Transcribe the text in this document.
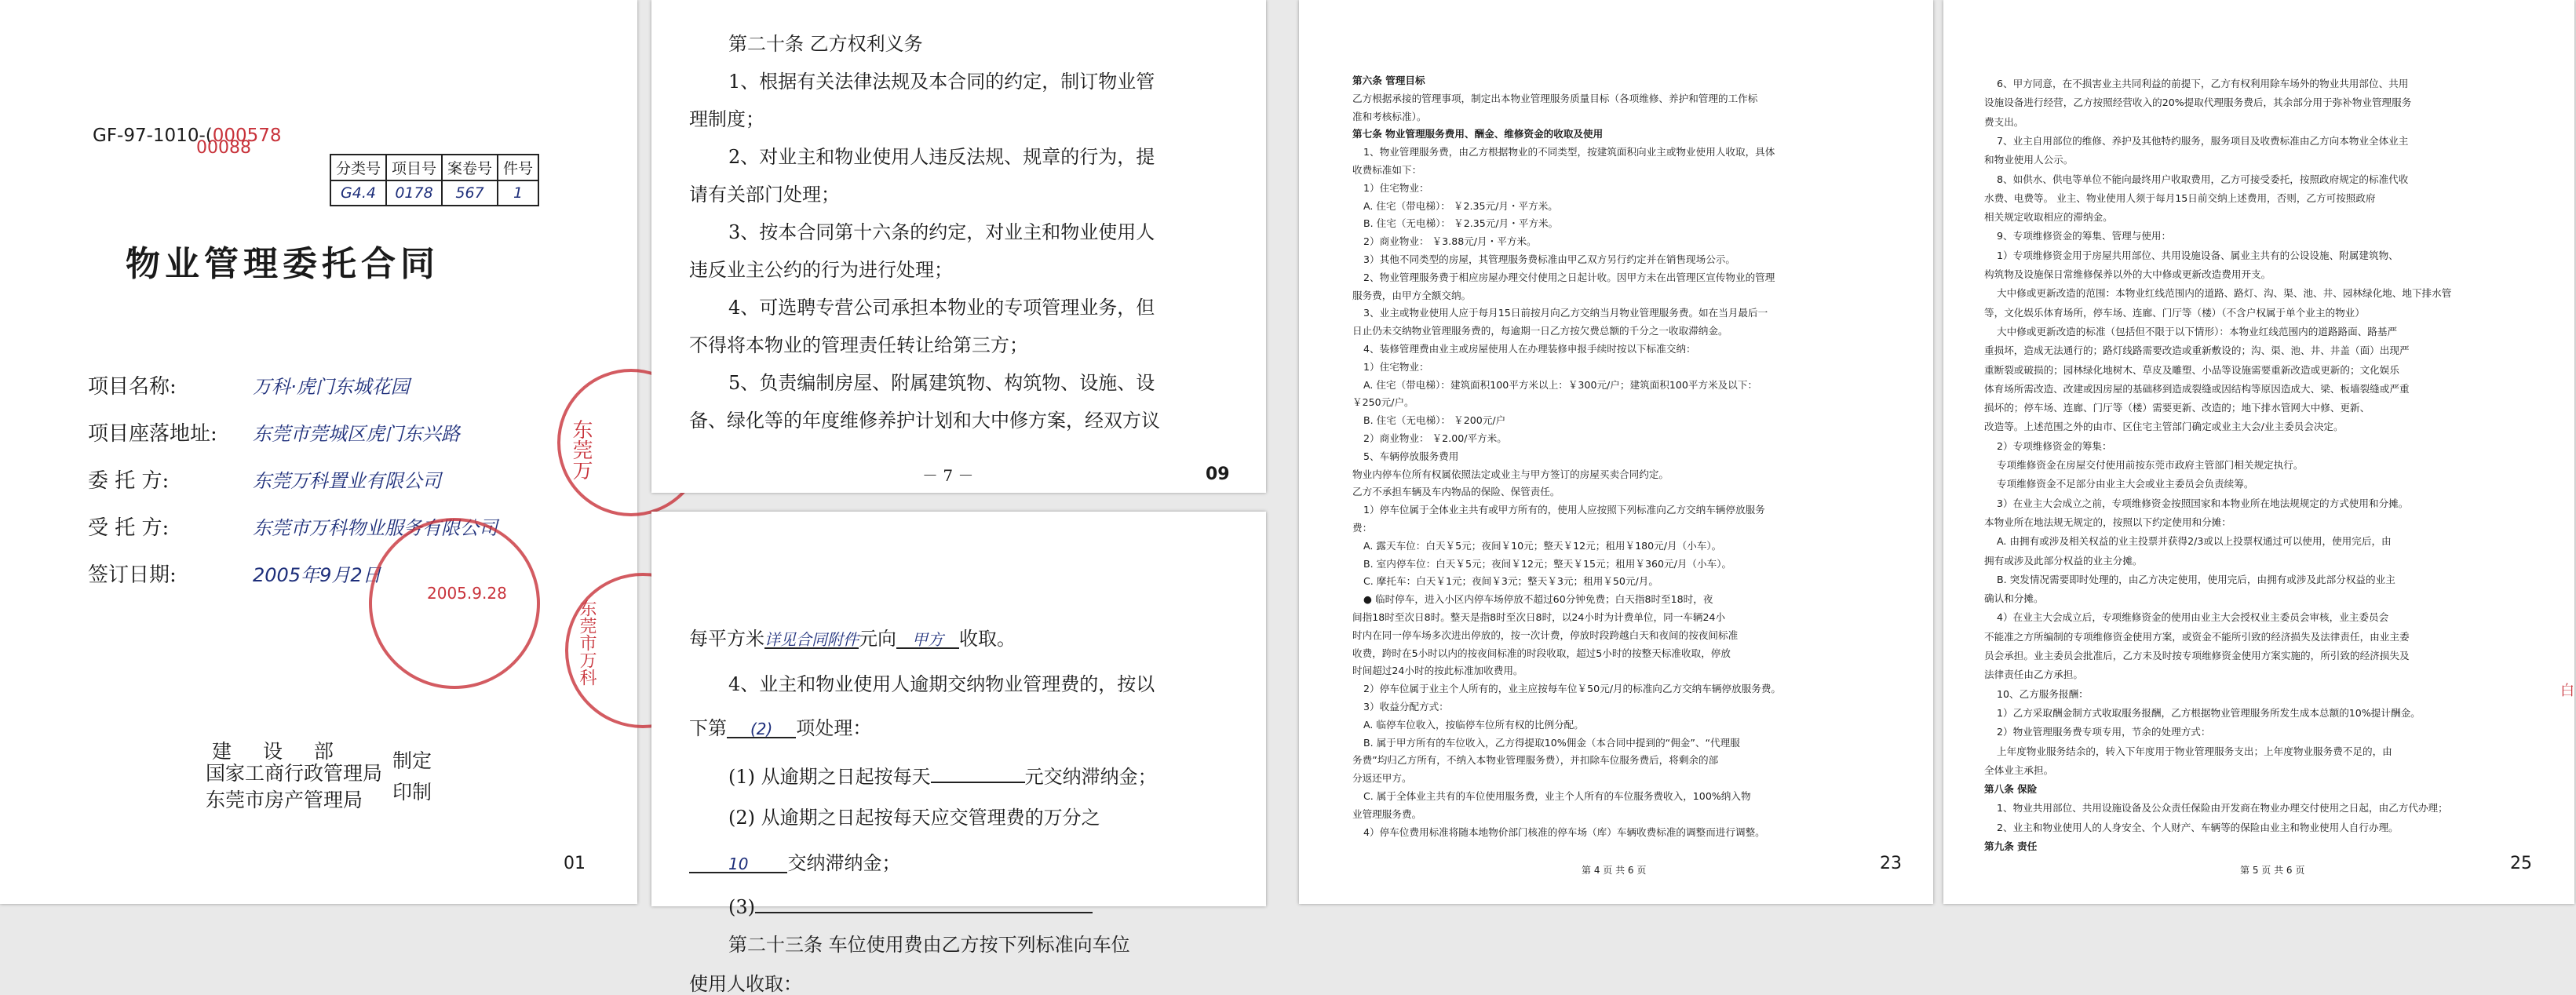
GF-97-1010-(000578
00088
分类号	项目号	案卷号	件号
G4.4	0178	567	1
物业管理委托合同
项目名称:	万科·虎门东城花园
项目座落地址: 东莞市莞城区虎门东兴路
委 托 方:	东莞万科置业有限公司
受 托 方:	东莞市万科物业服务有限公司
签订日期:	2005年9月2日
2005.9.28
东莞万
东莞市万科
建 设 部
国家工商行政管理局
东莞市房产管理局
制定
印制
01
第二十条 乙方权利义务
1、根据有关法律法规及本合同的约定，制订物业管
理制度；
2、对业主和物业使用人违反法规、规章的行为，提
请有关部门处理；
3、按本合同第十六条的约定，对业主和物业使用人
违反业主公约的行为进行处理；
4、可选聘专营公司承担本物业的专项管理业务，但
不得将本物业的管理责任转让给第三方；
5、负责编制房屋、附属建筑物、构筑物、设施、设
备、绿化等的年度维修养护计划和大中修方案，经双方议
－ 7 －	09
每平方米详见合同附件元向 甲方 收取。
4、业主和物业使用人逾期交纳物业管理费的，按以
下第 (2) 项处理：
(1) 从逾期之日起按每天	元交纳滞纳金；
(2) 从逾期之日起按每天应交管理费的万分之
10 交纳滞纳金；
(3)
第二十三条 车位使用费由乙方按下列标准向车位
使用人收取：
第六条 管理目标
乙方根据承接的管理事项，制定出本物业管理服务质量目标（各项维修、养护和管理的工作标
准和考核标准）。
第七条 物业管理服务费用、酬金、维修资金的收取及使用
1、物业管理服务费，由乙方根据物业的不同类型，按建筑面积向业主或物业使用人收取，具体
收费标准如下：
1）住宅物业：
A. 住宅（带电梯）： ￥2.35元/月・平方米。
B. 住宅（无电梯）： ￥2.35元/月・平方米。
2）商业物业： ￥3.88元/月・平方米。
3）其他不同类型的房屋，其管理服务费标准由甲乙双方另行约定并在销售现场公示。
2、物业管理服务费于相应房屋办理交付使用之日起计收。因甲方未在出管理区宣传物业的管理
服务费，由甲方全额交纳。
3、业主或物业使用人应于每月15日前按月向乙方交纳当月物业管理服务费。如在当月最后一
日止仍未交纳物业管理服务费的，每逾期一日乙方按欠费总额的千分之一收取滞纳金。
4、装修管理费由业主或房屋使用人在办理装修申报手续时按以下标准交纳：
1）住宅物业：
A. 住宅（带电梯）：建筑面积100平方米以上：￥300元/户；建筑面积100平方米及以下：
￥250元/户。
B. 住宅（无电梯）： ￥200元/户
2）商业物业： ￥2.00/平方米。
5、车辆停放服务费用
物业内停车位所有权属依照法定或业主与甲方签订的房屋买卖合同约定。
乙方不承担车辆及车内物品的保险、保管责任。
1）停车位属于全体业主共有或甲方所有的，使用人应按照下列标准向乙方交纳车辆停放服务
费：
A. 露天车位：白天￥5元；夜间￥10元；整天￥12元；租用￥180元/月（小车）。
B. 室内停车位：白天￥5元；夜间￥12元；整天￥15元；租用￥360元/月（小车）。
C. 摩托车：白天￥1元；夜间￥3元；整天￥3元；租用￥50元/月。
● 临时停车，进入小区内停车场停放不超过60分钟免费；白天指8时至18时，夜
间指18时至次日8时。整天是指8时至次日8时，以24小时为计费单位，同一车辆24小
时内在同一停车场多次进出停放的，按一次计费，停放时段跨越白天和夜间的按夜间标准
收费，跨时在5小时以内的按夜间标准的时段收取，超过5小时的按整天标准收取，停放
时间超过24小时的按此标准加收费用。
2）停车位属于业主个人所有的，业主应按每车位￥50元/月的标准向乙方交纳车辆停放服务费。
3）收益分配方式：
A. 临停车位收入，按临停车位所有权的比例分配。
B. 属于甲方所有的车位收入，乙方得提取10%佣金（本合同中提到的“佣金”、“代理服
务费”均归乙方所有，不纳入本物业管理服务费），并扣除车位服务费后，将剩余的部
分返还甲方。
C. 属于全体业主共有的车位使用服务费，业主个人所有的车位服务费收入，100%纳入物
业管理服务费。
4）停车位费用标准将随本地物价部门核准的停车场（库）车辆收费标准的调整而进行调整。
第 4 页 共 6 页	23
6、甲方同意，在不损害业主共同利益的前提下，乙方有权利用除车场外的物业共用部位、共用
设施设备进行经营，乙方按照经营收入的20%提取代理服务费后，其余部分用于弥补物业管理服务
费支出。
7、业主自用部位的维修、养护及其他特约服务，服务项目及收费标准由乙方向本物业全体业主
和物业使用人公示。
8、如供水、供电等单位不能向最终用户收取费用，乙方可接受委托，按照政府规定的标准代收
水费、电费等。 业主、物业使用人须于每月15日前交纳上述费用，否则，乙方可按照政府
相关规定收取相应的滞纳金。
9、专项维修资金的筹集、管理与使用：
1）专项维修资金用于房屋共用部位、共用设施设备、属业主共有的公设设施、附属建筑物、
构筑物及设施保日常维修保养以外的大中修或更新改造费用开支。
大中修或更新改造的范围：本物业红线范围内的道路、路灯、沟、渠、池、井、园林绿化地、地下排水管
等，文化娱乐体育场所，停车场、连廊、门厅等（楼）（不含户权属于单个业主的物业）
大中修或更新改造的标准（包括但不限于以下情形）：本物业红线范围内的道路路面、路基严
重损坏，造成无法通行的；路灯线路需要改造或重新敷设的；沟、渠、池、井、井盖（面）出现严
重断裂或破损的；园林绿化地树木、草皮及雕塑、小品等设施需要重新改造或更新的；文化娱乐
体育场所需改造、改建或因房屋的基础移到造成裂缝或因结构等原因造成大、梁、板墙裂缝或严重
损坏的；停车场、连廊、门厅等（楼）需要更新、改造的；地下排水管网大中修、更新、
改造等。上述范围之外的由市、区住宅主管部门确定或业主大会/业主委员会决定。
2）专项维修资金的筹集：
专项维修资金在房屋交付使用前按东莞市政府主管部门相关规定执行。
专项维修资金不足部分由业主大会或业主委员会负责续筹。
3）在业主大会成立之前，专项维修资金按照国家和本物业所在地法规规定的方式使用和分摊。
本物业所在地法规无规定的，按照以下约定使用和分摊：
A. 由拥有或涉及相关权益的业主投票并获得2/3或以上投票权通过可以使用，使用完后，由
拥有或涉及此部分权益的业主分摊。
B. 突发情况需要即时处理的，由乙方决定使用，使用完后，由拥有或涉及此部分权益的业主
确认和分摊。
4）在业主大会成立后，专项维修资金的使用由业主大会授权业主委员会审核，业主委员会
不能准之方所编制的专项维修资金使用方案，或资金不能所引致的经济损失及法律责任，由业主委
员会承担。业主委员会批准后，乙方未及时按专项维修资金使用方案实施的，所引致的经济损失及
法律责任由乙方承担。
10、乙方服务报酬：
1）乙方采取酬金制方式收取服务报酬，乙方根据物业管理服务所发生成本总额的10%提计酬金。
2）物业管理服务费专项专用，节余的处理方式：
上年度物业服务结余的，转入下年度用于物业管理服务支出；上年度物业服务费不足的，由
全体业主承担。
第八条 保险
1、物业共用部位、共用设施设备及公众责任保险由开发商在物业办理交付使用之日起，由乙方代办理；
2、业主和物业使用人的人身安全、个人财产、车辆等的保险由业主和物业使用人自行办理。
第九条 责任
第 5 页 共 6 页	25
白
